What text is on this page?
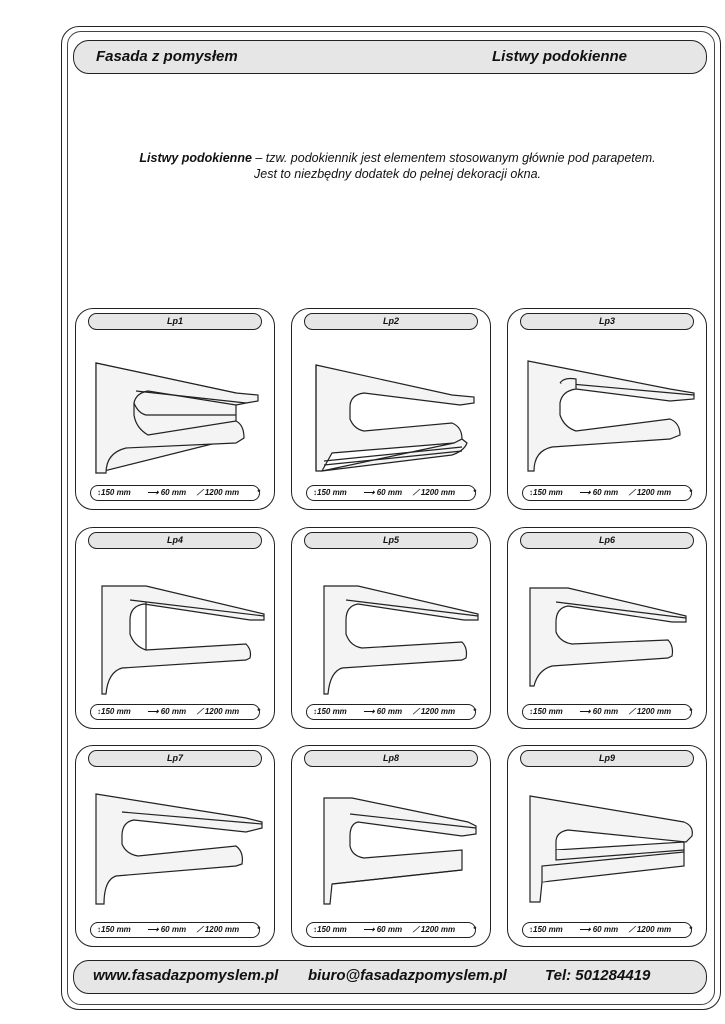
Fasada z pomysłem	Listwy podokienne
Listwy podokienne – tzw. podokiennik jest elementem stosowanym głównie pod parapetem.
Jest to niezbędny dodatek do pełnej dekoracji okna.
Lp1
↕150 mm ⟶ 60 mm ⟋ 1200 mm *
Lp2
↕150 mm ⟶ 60 mm ⟋ 1200 mm *
Lp3
↕150 mm ⟶ 60 mm ⟋ 1200 mm *
Lp4
↕150 mm ⟶ 60 mm ⟋ 1200 mm *
Lp5
↕150 mm ⟶ 60 mm ⟋ 1200 mm *
Lp6
↕150 mm ⟶ 60 mm ⟋ 1200 mm *
Lp7
↕150 mm ⟶ 60 mm ⟋ 1200 mm *
Lp8
↕150 mm ⟶ 60 mm ⟋ 1200 mm *
Lp9
↕150 mm ⟶ 60 mm ⟋ 1200 mm *
www.fasadazpomyslem.pl biuro@fasadazpomyslem.pl	Tel: 501284419
